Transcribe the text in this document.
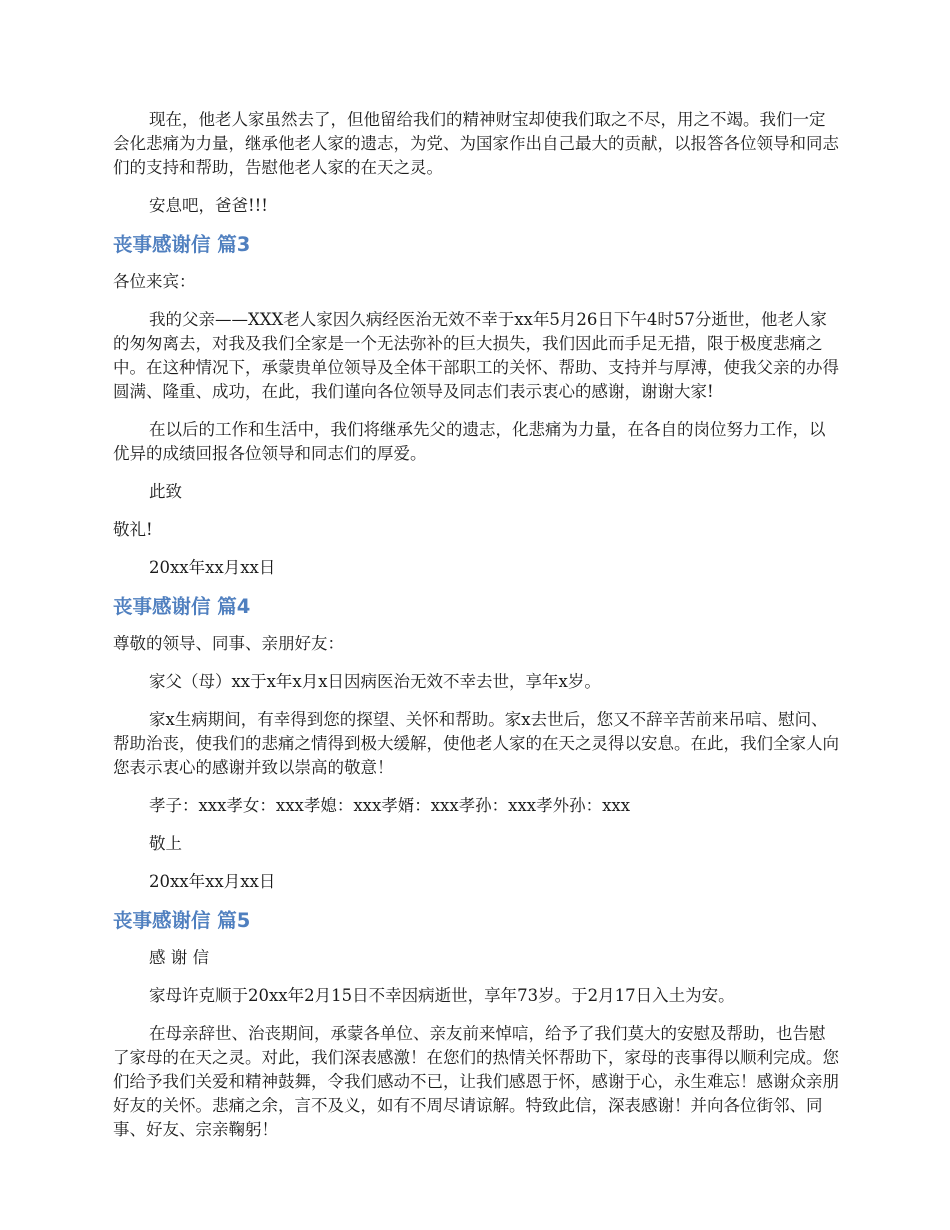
现在，他老人家虽然去了，但他留给我们的精神财宝却使我们取之不尽，用之不竭。我们一定会化悲痛为力量，继承他老人家的遗志，为党、为国家作出自己最大的贡献，以报答各位领导和同志们的支持和帮助，告慰他老人家的在天之灵。

安息吧，爸爸!!!

丧事感谢信 篇3

各位来宾：

我的父亲——XXX老人家因久病经医治无效不幸于xx年5月26日下午4时57分逝世，他老人家的匆匆离去，对我及我们全家是一个无法弥补的巨大损失，我们因此而手足无措，限于极度悲痛之中。在这种情况下，承蒙贵单位领导及全体干部职工的关怀、帮助、支持并与厚溥，使我父亲的办得圆满、隆重、成功，在此，我们谨向各位领导及同志们表示衷心的感谢，谢谢大家!

在以后的工作和生活中，我们将继承先父的遗志，化悲痛为力量，在各自的岗位努力工作，以优异的成绩回报各位领导和同志们的厚爱。

此致

敬礼!

20xx年xx月xx日

丧事感谢信 篇4

尊敬的领导、同事、亲朋好友：

家父（母）xx于x年x月x日因病医治无效不幸去世，享年x岁。

家x生病期间，有幸得到您的探望、关怀和帮助。家x去世后，您又不辞辛苦前来吊唁、慰问、帮助治丧，使我们的悲痛之情得到极大缓解，使他老人家的在天之灵得以安息。在此，我们全家人向您表示衷心的感谢并致以崇高的敬意！

孝子：xxx孝女：xxx孝媳：xxx孝婿：xxx孝孙：xxx孝外孙：xxx

敬上

20xx年xx月xx日

丧事感谢信 篇5

感 谢 信

家母许克顺于20xx年2月15日不幸因病逝世，享年73岁。于2月17日入土为安。

在母亲辞世、治丧期间，承蒙各单位、亲友前来悼唁，给予了我们莫大的安慰及帮助，也告慰了家母的在天之灵。对此，我们深表感激！在您们的热情关怀帮助下，家母的丧事得以顺利完成。您们给予我们关爱和精神鼓舞，令我们感动不已，让我们感恩于怀，感谢于心，永生难忘！感谢众亲朋好友的关怀。悲痛之余，言不及义，如有不周尽请谅解。特致此信，深表感谢！并向各位街邻、同事、好友、宗亲鞠躬！
